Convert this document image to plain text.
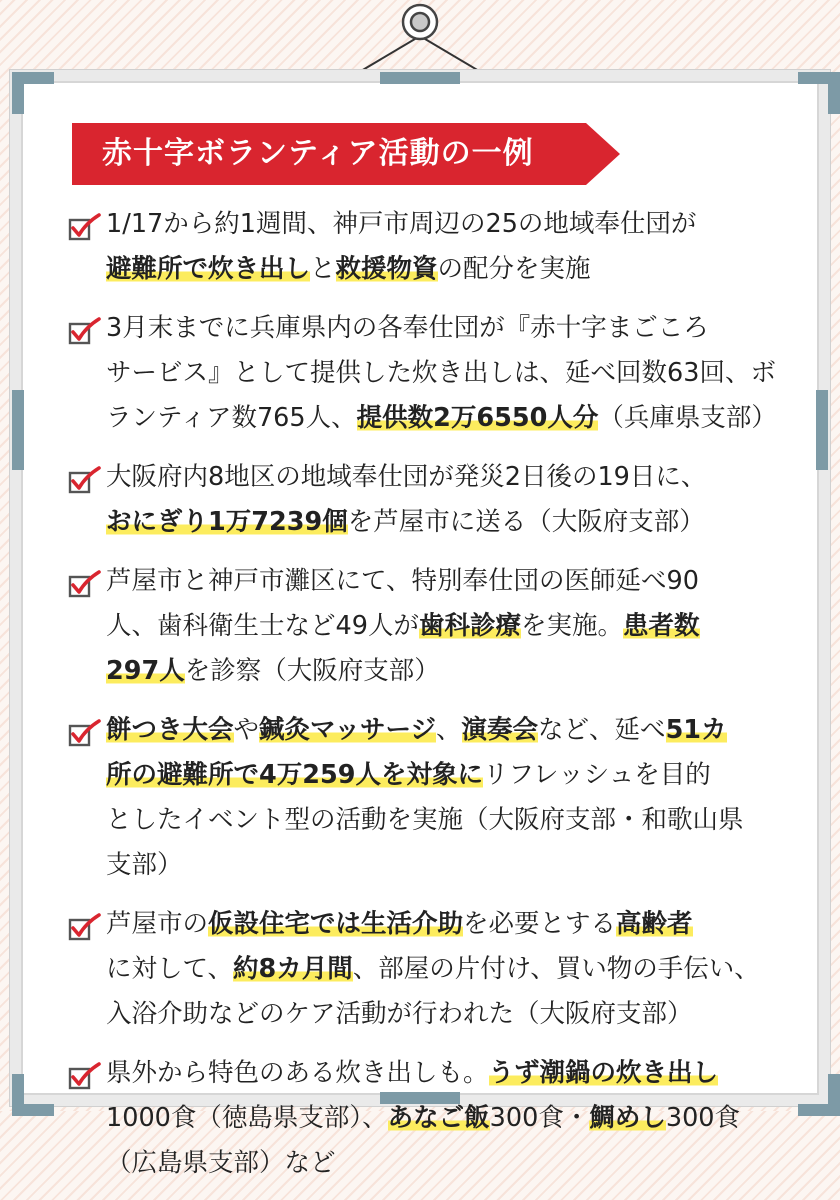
赤十字ボランティア活動の一例
1/17から約1週間、神戸市周辺の25の地域奉仕団が
避難所で炊き出しと救援物資の配分を実施
3月末までに兵庫県内の各奉仕団が『赤十字まごころ
サービス』として提供した炊き出しは、延べ回数63回、ボ
ランティア数765人、提供数2万6550人分（兵庫県支部）
大阪府内8地区の地域奉仕団が発災2日後の19日に、
おにぎり1万7239個を芦屋市に送る（大阪府支部）
芦屋市と神戸市灘区にて、特別奉仕団の医師延べ90
人、歯科衛生士など49人が歯科診療を実施。患者数
297人を診察（大阪府支部）
餅つき大会や鍼灸マッサージ、演奏会など、延べ51カ
所の避難所で4万259人を対象にリフレッシュを目的
としたイベント型の活動を実施（大阪府支部・和歌山県
支部）
芦屋市の仮設住宅では生活介助を必要とする高齢者
に対して、約8カ月間、部屋の片付け、買い物の手伝い、
入浴介助などのケア活動が行われた（大阪府支部）
県外から特色のある炊き出しも。うず潮鍋の炊き出し
1000食（徳島県支部）、あなご飯300食・鯛めし300食
（広島県支部）など
